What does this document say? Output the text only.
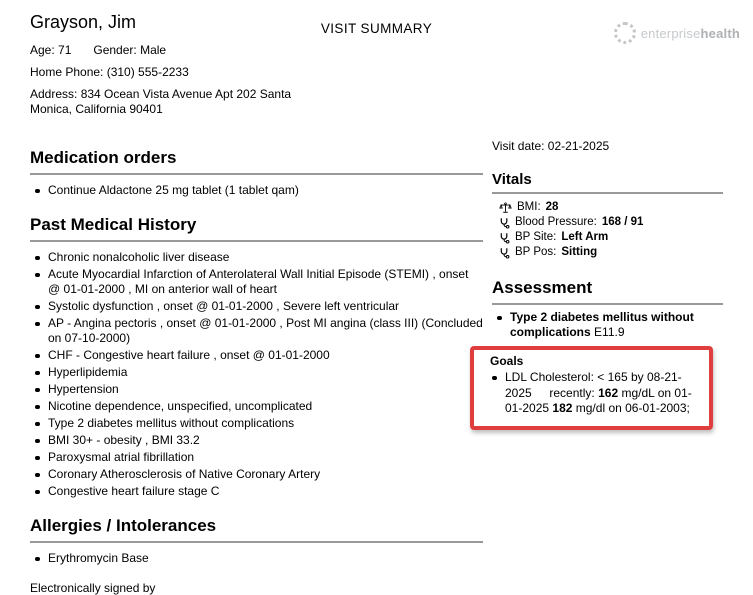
Grayson, Jim
Age: 71 Gender: Male
Home Phone: (310) 555-2233
Address: 834 Ocean Vista Avenue Apt 202 Santa Monica, California 90401
VISIT SUMMARY	enterprisehealth
Medication orders
Continue Aldactone 25 mg tablet (1 tablet qam)
Past Medical History
Chronic nonalcoholic liver disease
Acute Myocardial Infarction of Anterolateral Wall Initial Episode (STEMI) , onset @ 01-01-2000 , MI on anterior wall of heart
Systolic dysfunction , onset @ 01-01-2000 , Severe left ventricular
AP - Angina pectoris , onset @ 01-01-2000 , Post MI angina (class III) (Concluded on 07-10-2000)
CHF - Congestive heart failure , onset @ 01-01-2000
Hyperlipidemia
Hypertension
Nicotine dependence, unspecified, uncomplicated
Type 2 diabetes mellitus without complications
BMI 30+ - obesity , BMI 33.2
Paroxysmal atrial fibrillation
Coronary Atherosclerosis of Native Coronary Artery
Congestive heart failure stage C
Allergies / Intolerances
Erythromycin Base

Electronically signed by

Visit date: 02-21-2025
Vitals
BMI: 28
Blood Pressure: 168 / 91
BP Site: Left Arm
BP Pos: Sitting
Assessment
Type 2 diabetes mellitus without complications E11.9
Goals
LDL Cholesterol: < 165 by 08-21-2025 recently: 162 mg/dL on 01-01-2025 182 mg/dl on 06-01-2003;
